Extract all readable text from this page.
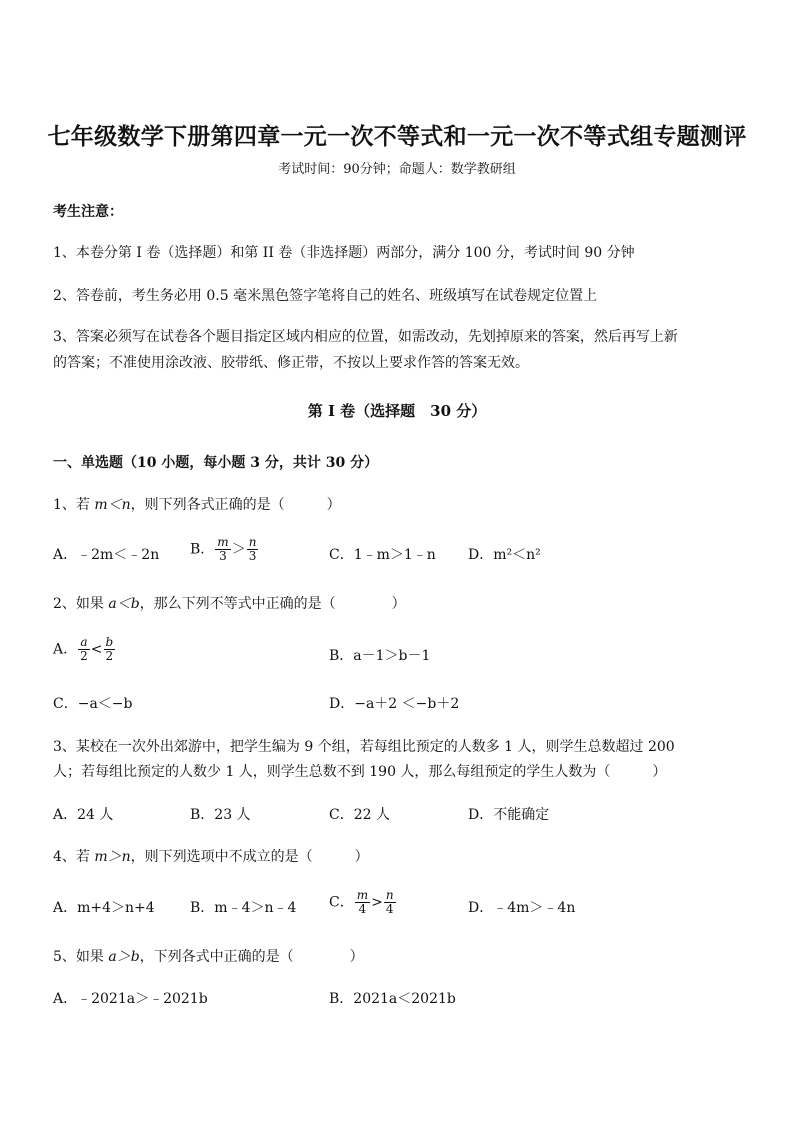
七年级数学下册第四章一元一次不等式和一元一次不等式组专题测评
考试时间：90分钟；命题人：数学教研组
考生注意：
1、本卷分第 I 卷（选择题）和第 II 卷（非选择题）两部分，满分 100 分，考试时间 90 分钟
2、答卷前，考生务必用 0.5 毫米黑色签字笔将自己的姓名、班级填写在试卷规定位置上
3、答案必须写在试卷各个题目指定区域内相应的位置，如需改动，先划掉原来的答案，然后再写上新
的答案；不准使用涂改液、胶带纸、修正带，不按以上要求作答的答案无效。
第 I 卷（选择题　30 分）
一、单选题（10 小题，每小题 3 分，共计 30 分）
1、若 m＜n，则下列各式正确的是（　　　）
A．﹣2m＜﹣2n B． $\frac{m}{3} > \frac{n}{3}$	C．1﹣m＞1﹣n D．m²＜n²
2、如果 a＜b，那么下列不等式中正确的是（　　　　）
A． $\frac{a}{2} < \frac{b}{2}$	B．a－1＞b－1
C．−a＜−b	D．−a＋2 ＜−b＋2
3、某校在一次外出郊游中，把学生编为 9 个组，若每组比预定的人数多 1 人，则学生总数超过 200
人；若每组比预定的人数少 1 人，则学生总数不到 190 人，那么每组预定的学生人数为（　　　）
A．24 人	B．23 人	C．22 人	D．不能确定
4、若 m＞n，则下列选项中不成立的是（　　　）
A．m+4＞n+4	B．m﹣4＞n﹣4 C． $\frac{m}{4} > \frac{n}{4}$	D．﹣4m＞﹣4n
5、如果 a＞b，下列各式中正确的是（　　　　）
A．﹣2021a＞﹣2021b	B．2021a＜2021b
